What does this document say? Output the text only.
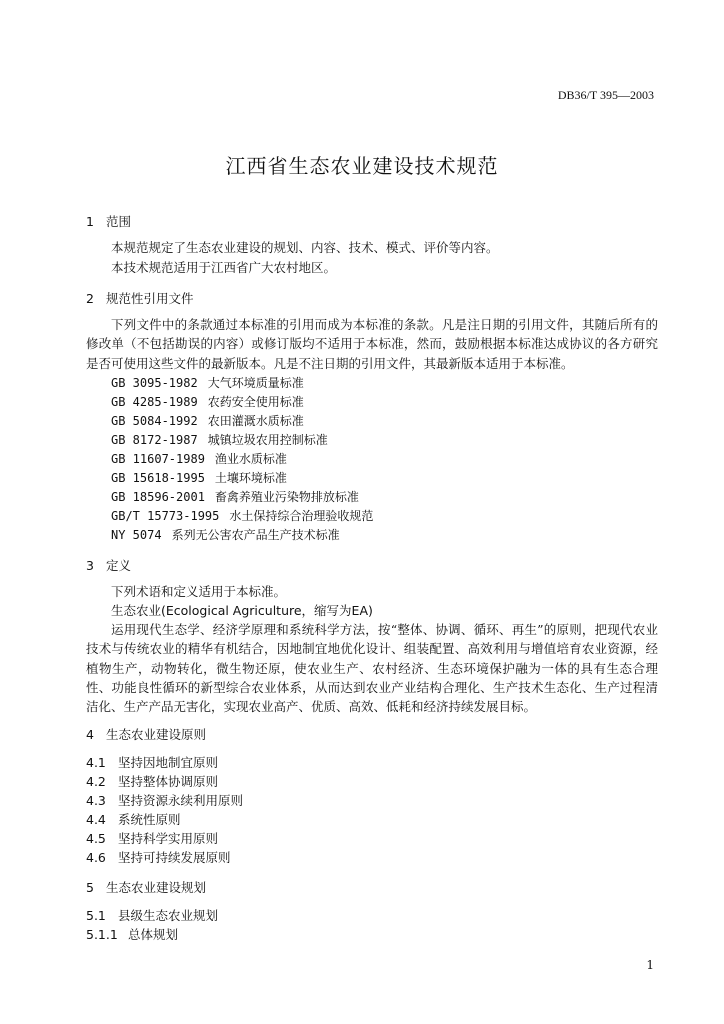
DB36/T 395—2003
江西省生态农业建设技术规范
1 范围
本规范规定了生态农业建设的规划、内容、技术、模式、评价等内容。
本技术规范适用于江西省广大农村地区。
2 规范性引用文件
下列文件中的条款通过本标准的引用而成为本标准的条款。凡是注日期的引用文件，其随后所有的修改单（不包括勘误的内容）或修订版均不适用于本标准，然而，鼓励根据本标准达成协议的各方研究是否可使用这些文件的最新版本。凡是不注日期的引用文件，其最新版本适用于本标准。
GB 3095-1982 大气环境质量标准
GB 4285-1989 农药安全使用标准
GB 5084-1992 农田灌溉水质标准
GB 8172-1987 城镇垃圾农用控制标准
GB 11607-1989 渔业水质标准
GB 15618-1995 土壤环境标准
GB 18596-2001 畜禽养殖业污染物排放标准
GB/T 15773-1995 水土保持综合治理验收规范
NY 5074 系列无公害农产品生产技术标准
3 定义
下列术语和定义适用于本标准。
生态农业(Ecological Agriculture，缩写为EA)
运用现代生态学、经济学原理和系统科学方法，按“整体、协调、循环、再生”的原则，把现代农业技术与传统农业的精华有机结合，因地制宜地优化设计、组装配置、高效利用与增值培育农业资源，经植物生产，动物转化，微生物还原，使农业生产、农村经济、生态环境保护融为一体的具有生态合理性、功能良性循环的新型综合农业体系，从而达到农业产业结构合理化、生产技术生态化、生产过程清洁化、生产产品无害化，实现农业高产、优质、高效、低耗和经济持续发展目标。
4 生态农业建设原则
4.1 坚持因地制宜原则
4.2 坚持整体协调原则
4.3 坚持资源永续利用原则
4.4 系统性原则
4.5 坚持科学实用原则
4.6 坚持可持续发展原则
5 生态农业建设规划
5.1 县级生态农业规划
5.1.1 总体规划
1
